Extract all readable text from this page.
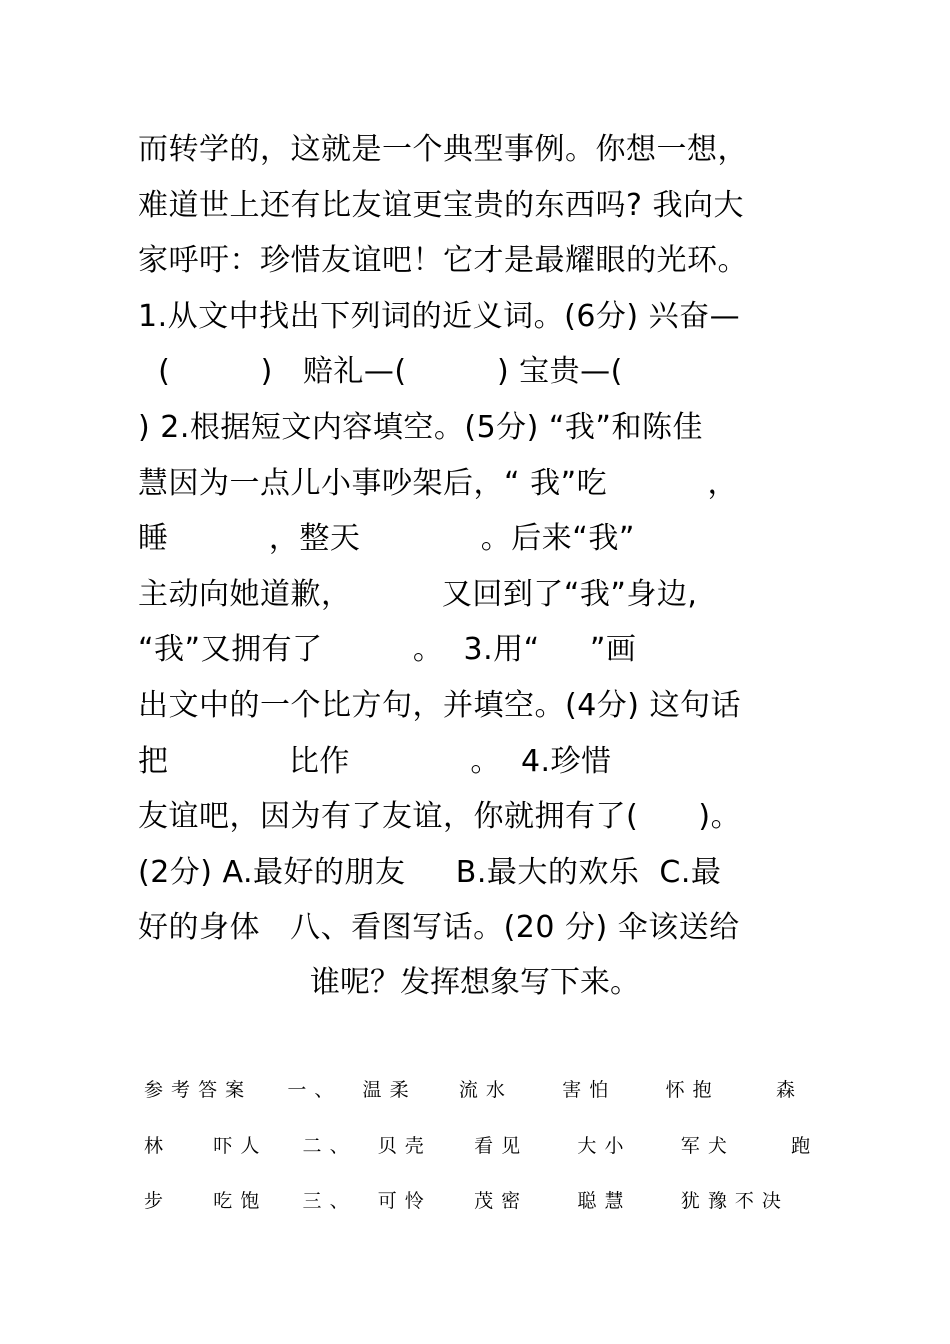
而转学的，这就是一个典型事例。你想一想，
难道世上还有比友谊更宝贵的东西吗? 我向大
家呼吁：珍惜友谊吧！它才是最耀眼的光环。
1.从文中找出下列词的近义词。(6分) 兴奋—
(         )   赔礼—(         ) 宝贵—(
) 2.根据短文内容填空。(5分) “我”和陈佳
慧因为一点儿小事吵架后，“ 我”吃          ，
睡          ，整天            。后来“我”
主动向她道歉，         又回到了“我”身边,
“我”又拥有了         。  3.用“     ”画
出文中的一个比方句，并填空。(4分) 这句话
把            比作            。  4.珍惜
友谊吧，因为有了友谊，你就拥有了(      )。
(2分) A.最好的朋友     B.最大的欢乐  C.最
好的身体   八、看图写话。(20 分) 伞该送给
谁呢？发挥想象写下来。
参 考 答 案      一 、    温 柔       流 水        害 怕        怀 抱         森
林       吓 人      二 、    贝 壳       看 见        大 小        军 犬         跑
步       吃 饱      三 、    可 怜       茂 密        聪 慧        犹 豫 不 决
